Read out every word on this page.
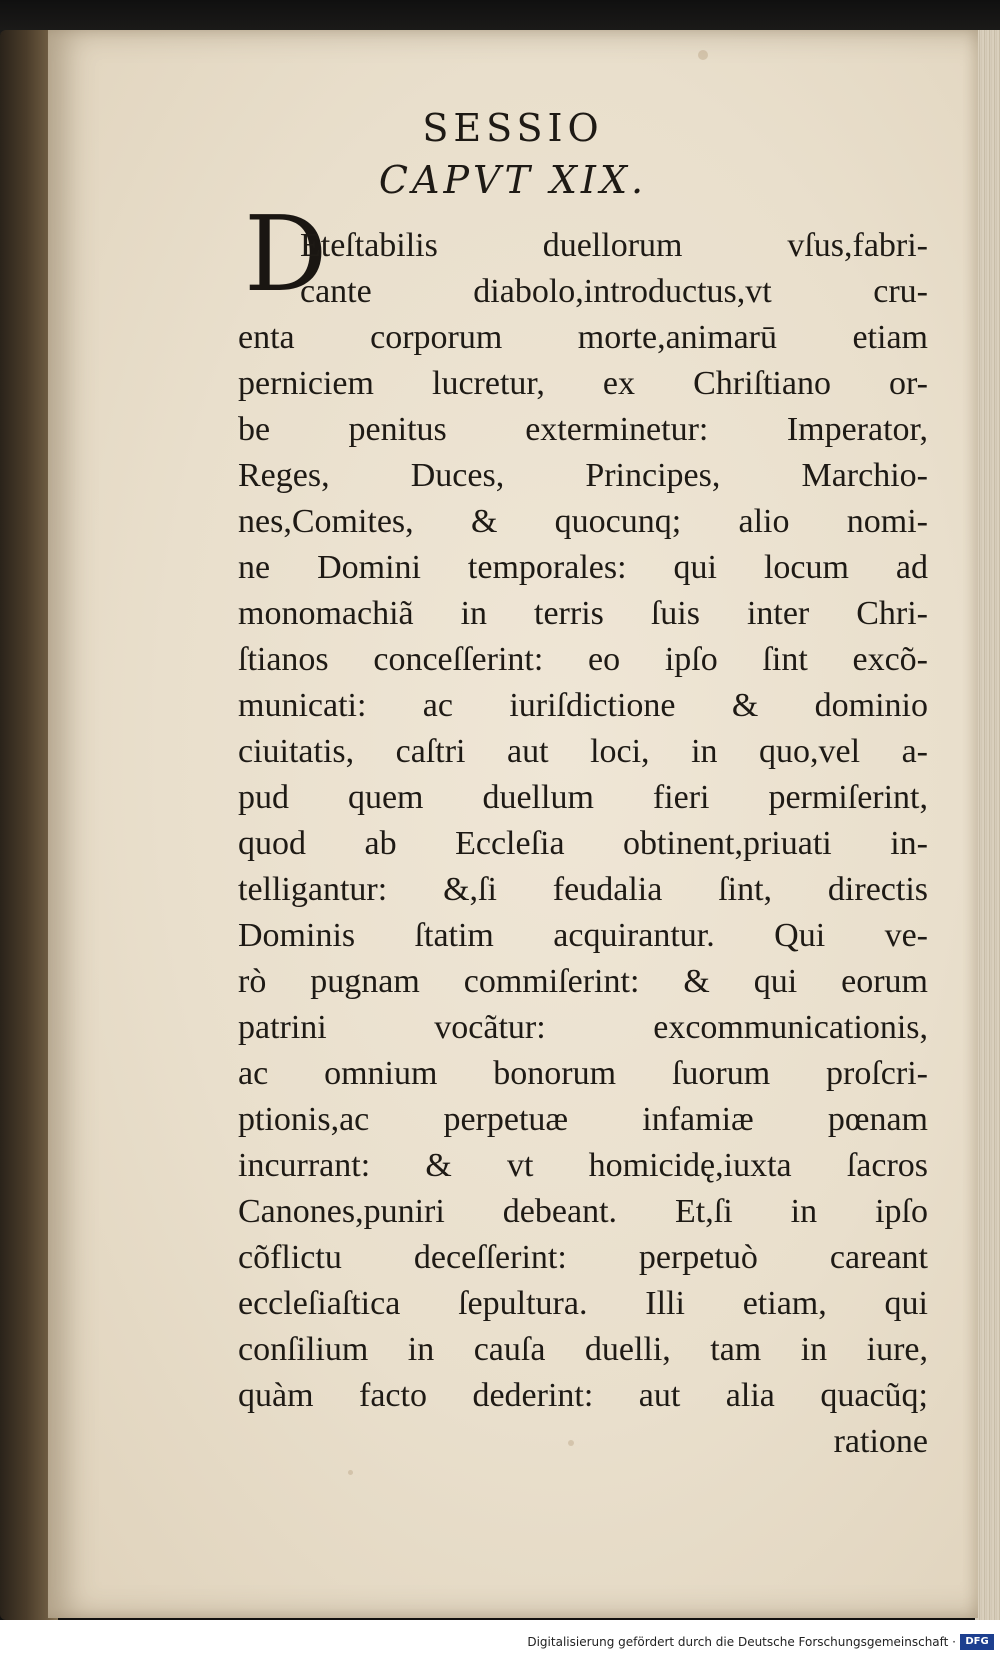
SESSIO
CAPVT XIX.
D
Eteſtabilis duellorum vſus,fabri-
cante diabolo,introductus,vt cru-
enta corporum morte,animarū etiam
perniciem lucretur, ex Chriſtiano or-
be penitus exterminetur: Imperator,
Reges, Duces, Principes, Marchio-
nes,Comites, & quocunq; alio nomi-
ne Domini temporales: qui locum ad
monomachiã in terris ſuis inter Chri-
ſtianos conceſſerint: eo ipſo ſint excõ-
municati: ac iuriſdictione & dominio
ciuitatis, caſtri aut loci, in quo,vel a-
pud quem duellum fieri permiſerint,
quod ab Eccleſia obtinent,priuati in-
telligantur: &,ſi feudalia ſint, directis
Dominis ſtatim acquirantur. Qui ve-
rò pugnam commiſerint: & qui eorum
patrini vocãtur: excommunicationis,
ac omnium bonorum ſuorum proſcri-
ptionis,ac perpetuæ infamiæ pœnam
incurrant: & vt homicidę,iuxta ſacros
Canones,puniri debeant. Et,ſi in ipſo
cõflictu deceſſerint: perpetuò careant
eccleſiaſtica ſepultura. Illi etiam, qui
conſilium in cauſa duelli, tam in iure,
quàm facto dederint: aut alia quacũq;
ratione
Digitalisierung gefördert durch die Deutsche Forschungsgemeinschaft · DFG
